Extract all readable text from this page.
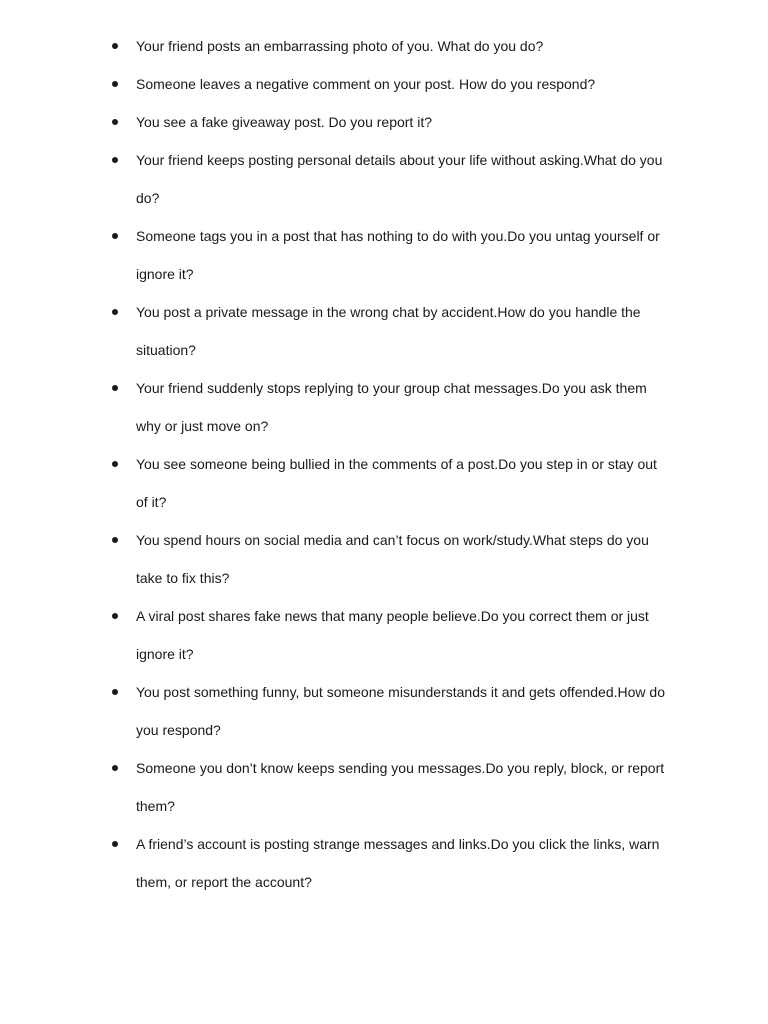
Your friend posts an embarrassing photo of you. What do you do?
Someone leaves a negative comment on your post. How do you respond?
You see a fake giveaway post. Do you report it?
Your friend keeps posting personal details about your life without asking.What do you do?
Someone tags you in a post that has nothing to do with you.Do you untag yourself or ignore it?
You post a private message in the wrong chat by accident.How do you handle the situation?
Your friend suddenly stops replying to your group chat messages.Do you ask them why or just move on?
You see someone being bullied in the comments of a post.Do you step in or stay out of it?
You spend hours on social media and can’t focus on work/study.What steps do you take to fix this?
A viral post shares fake news that many people believe.Do you correct them or just ignore it?
You post something funny, but someone misunderstands it and gets offended.How do you respond?
Someone you don’t know keeps sending you messages.Do you reply, block, or report them?
A friend’s account is posting strange messages and links.Do you click the links, warn them, or report the account?
